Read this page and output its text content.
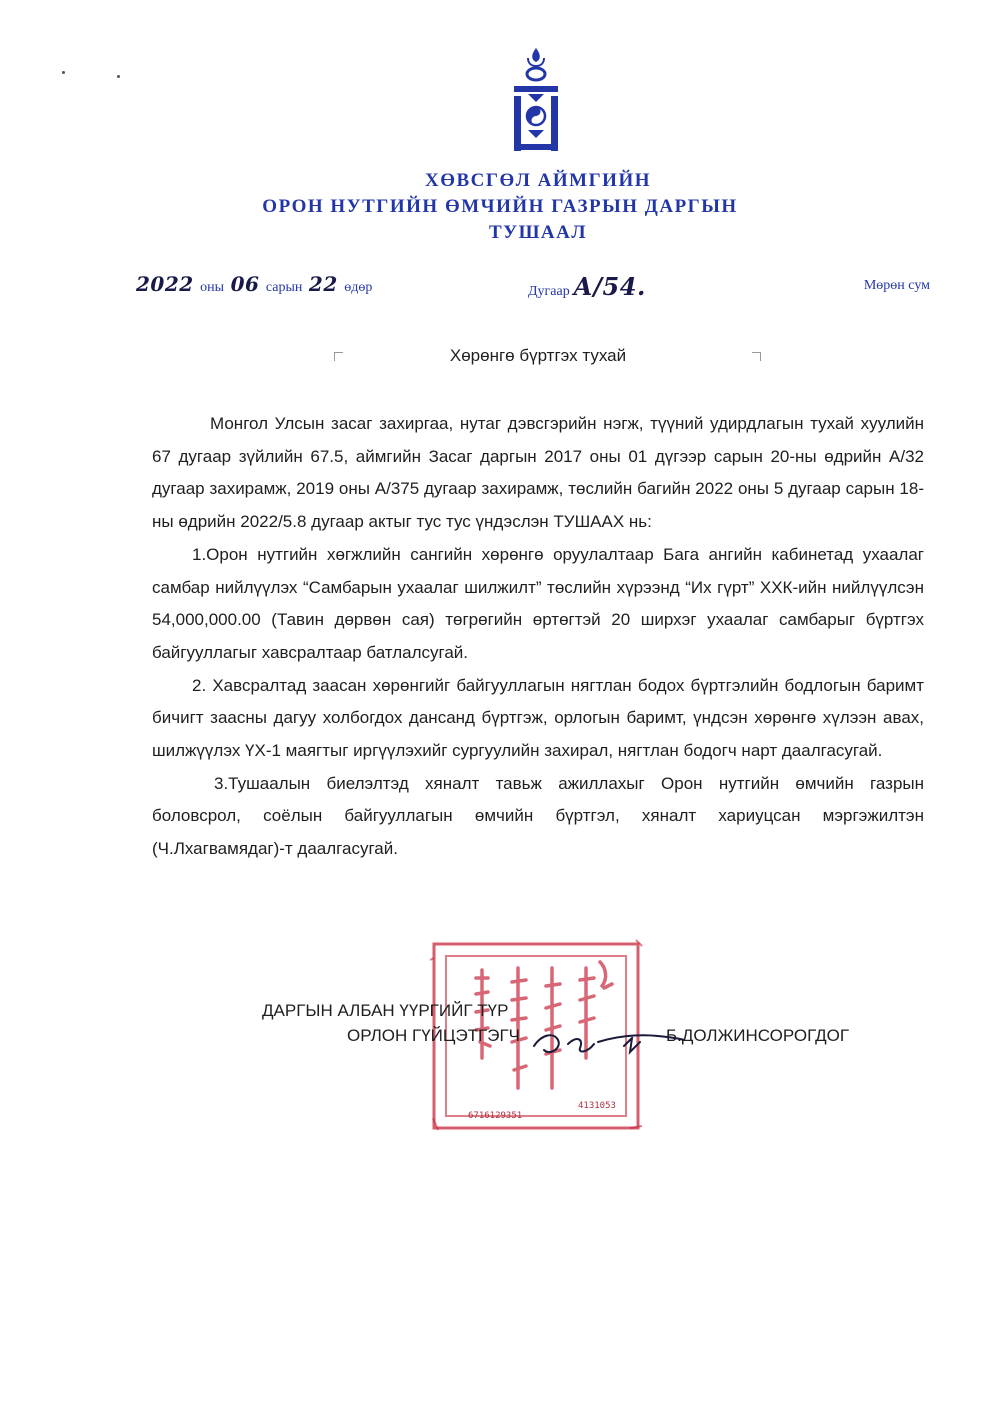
ХӨВСГӨЛ АЙМГИЙН
ОРОН НУТГИЙН ӨМЧИЙН ГАЗРЫН ДАРГЫН
ТУШААЛ
2022 оны 06 сарын 22 өдөр	Дугаар А/54.	Мөрөн сум
Хөрөнгө бүртгэх тухай

Монгол Улсын засаг захиргаа, нутаг дэвсгэрийн нэгж, түүний удирдлагын тухай хуулийн 67 дугаар зүйлийн 67.5, аймгийн Засаг даргын 2017 оны 01 дүгээр сарын 20-ны өдрийн А/32 дугаар захирамж, 2019 оны А/375 дугаар захирамж, төслийн багийн 2022 оны 5 дугаар сарын 18-ны өдрийн 2022/5.8 дугаар актыг тус тус үндэслэн ТУШААХ нь:

1.Орон нутгийн хөгжлийн сангийн хөрөнгө оруулалтаар Бага ангийн кабинетад ухаалаг самбар нийлүүлэх “Самбарын ухаалаг шилжилт” төслийн хүрээнд “Их гүрт” ХХК-ийн нийлүүлсэн 54,000,000.00 (Тавин дөрвөн сая) төгрөгийн өртөгтэй 20 ширхэг ухаалаг самбарыг бүртгэх байгууллагыг хавсралтаар батлалсугай.

2. Хавсралтад заасан хөрөнгийг байгууллагын нягтлан бодох бүртгэлийн бодлогын баримт бичигт заасны дагуу холбогдох дансанд бүртгэж, орлогын баримт, үндсэн хөрөнгө хүлээн авах, шилжүүлэх ҮХ-1 маягтыг иргүүлэхийг сургуулийн захирал, нягтлан бодогч нарт даалгасугай.

3.Тушаалын биелэлтэд хяналт тавьж ажиллахыг Орон нутгийн өмчийн газрын боловсрол, соёлын байгууллагын өмчийн бүртгэл, хяналт хариуцсан мэргэжилтэн (Ч.Лхагвамядаг)-т даалгасугай.

6716129351
4131053
ДАРГЫН АЛБАН ҮҮРГИЙГ ТҮР
ОРЛОН ГҮЙЦЭТГЭГЧ	Б.ДОЛЖИНСОРОГДОГ
